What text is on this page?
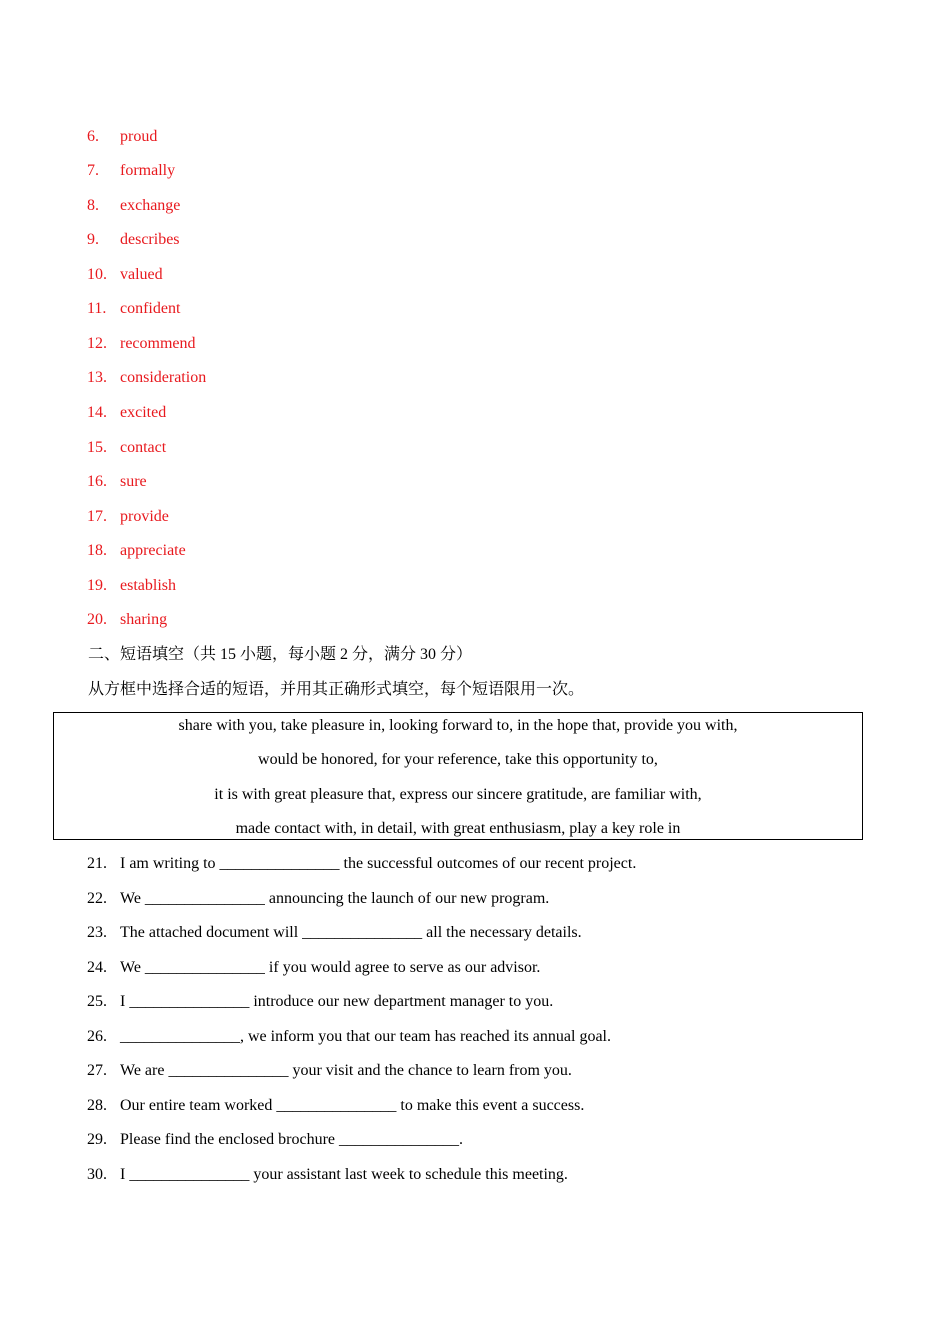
6. proud
7. formally
8. exchange
9. describes
10. valued
11. confident
12. recommend
13. consideration
14. excited
15. contact
16. sure
17. provide
18. appreciate
19. establish
20. sharing
二、短语填空（共 15 小题，每小题 2 分，满分 30 分）
从方框中选择合适的短语，并用其正确形式填空，每个短语限用一次。
share with you, take pleasure in, looking forward to, in the hope that, provide you with,
would be honored, for your reference, take this opportunity to,
it is with great pleasure that, express our sincere gratitude, are familiar with,
made contact with, in detail, with great enthusiasm, play a key role in
21. I am writing to _______________ the successful outcomes of our recent project.
22. We _______________ announcing the launch of our new program.
23. The attached document will _______________ all the necessary details.
24. We _______________ if you would agree to serve as our advisor.
25. I _______________ introduce our new department manager to you.
26. _______________, we inform you that our team has reached its annual goal.
27. We are _______________ your visit and the chance to learn from you.
28. Our entire team worked _______________ to make this event a success.
29. Please find the enclosed brochure _______________.
30. I _______________ your assistant last week to schedule this meeting.
